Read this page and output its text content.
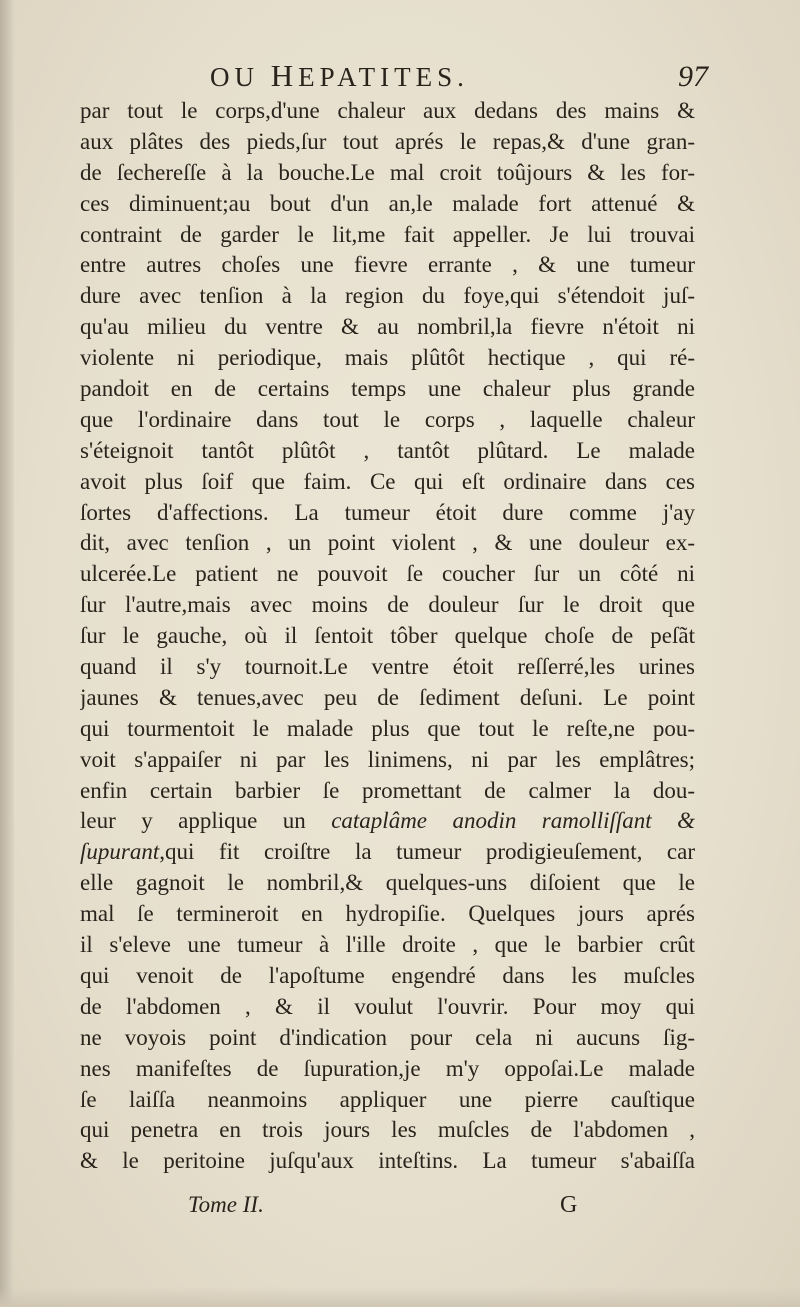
OU HEPATITES.	97
par tout le corps,d'une chaleur aux dedans des mains &
aux plâtes des pieds,ſur tout aprés le repas,& d'une gran-
de ſechereſſe à la bouche.Le mal croit toûjours & les for-
ces diminuent;au bout d'un an,le malade fort attenué &
contraint de garder le lit,me fait appeller. Je lui trouvai
entre autres choſes une fievre errante , & une tumeur
dure avec tenſion à la region du foye,qui s'étendoit juſ-
qu'au milieu du ventre & au nombril,la fievre n'étoit ni
violente ni periodique, mais plûtôt hectique , qui ré-
pandoit en de certains temps une chaleur plus grande
que l'ordinaire dans tout le corps , laquelle chaleur
s'éteignoit tantôt plûtôt , tantôt plûtard. Le malade
avoit plus ſoif que faim. Ce qui eſt ordinaire dans ces
ſortes d'affections. La tumeur étoit dure comme j'ay
dit, avec tenſion , un point violent , & une douleur ex-
ulcerée.Le patient ne pouvoit ſe coucher ſur un côté ni
ſur l'autre,mais avec moins de douleur ſur le droit que
ſur le gauche, où il ſentoit tôber quelque choſe de peſãt
quand il s'y tournoit.Le ventre étoit reſſerré,les urines
jaunes & tenues,avec peu de ſediment deſuni. Le point
qui tourmentoit le malade plus que tout le reſte,ne pou-
voit s'appaiſer ni par les linimens, ni par les emplâtres;
enfin certain barbier ſe promettant de calmer la dou-
leur y applique un cataplâme anodin ramolliſſant &
ſupurant,qui fit croiſtre la tumeur prodigieuſement, car
elle gagnoit le nombril,& quelques-uns diſoient que le
mal ſe termineroit en hydropiſie. Quelques jours aprés
il s'eleve une tumeur à l'ille droite , que le barbier crût
qui venoit de l'apoſtume engendré dans les muſcles
de l'abdomen , & il voulut l'ouvrir. Pour moy qui
ne voyois point d'indication pour cela ni aucuns ſig-
nes manifeſtes de ſupuration,je m'y oppoſai.Le malade
ſe laiſſa neanmoins appliquer une pierre cauſtique
qui penetra en trois jours les muſcles de l'abdomen ,
& le peritoine juſqu'aux inteſtins. La tumeur s'abaiſſa
Tome II.	G
